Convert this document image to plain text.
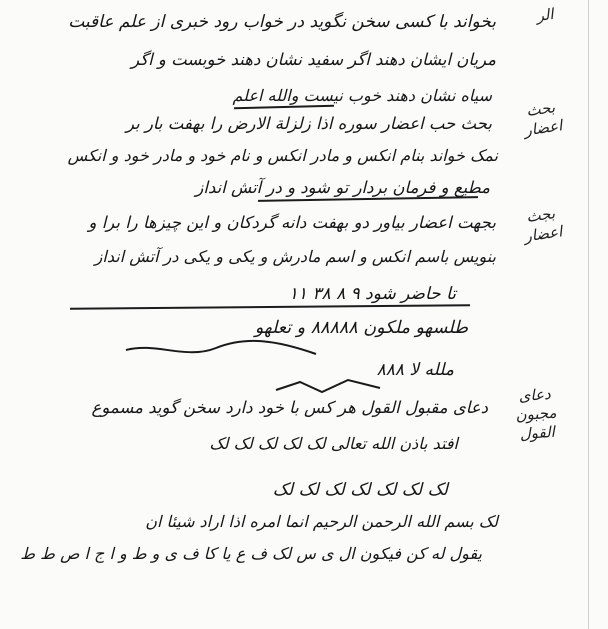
الر
بحث
اعضار
بجث
اعضار
دعای
مجبون
القول
بخواند با کسی سخن نگوید در خواب رود خبری از علم عاقبت
مریان ایشان دهند اگر سفید نشان دهند خوبست و اگر
سیاه نشان دهند خوب نیست والله اعلم
بحث حب اعضار سوره اذا زلزلة الارض را بهفت بار بر
نمک خواند بنام انکس و مادر انکس و نام خود و مادر خود و انکس
مطیع و فرمان بردار تو شود و در آتش انداز
بجهت اعضار بیاور دو بهفت دانه گردکان و این چیزها را برا و
بنویس باسم انکس و اسم مادرش و یکی و یکی در آتش انداز
تا حاضر شود ۹ ۸ ۳۸ ۱۱
طلسهو ملکون ۸۸۸۸۸ و تعلهو
ملله لا ۸۸۸
دعای مقبول القول هر کس با خود دارد سخن گوید مسموع
افتد باذن الله تعالی لک لک لک لک لک
لک لک لک لک لک لک لک
لک بسم الله الرحمن الرحیم انما امره اذا اراد شیئا ان
یقول له کن فیکون ال ی س لک ف ع یا کا ف ی و ط و ا ج ا ص ط ط
